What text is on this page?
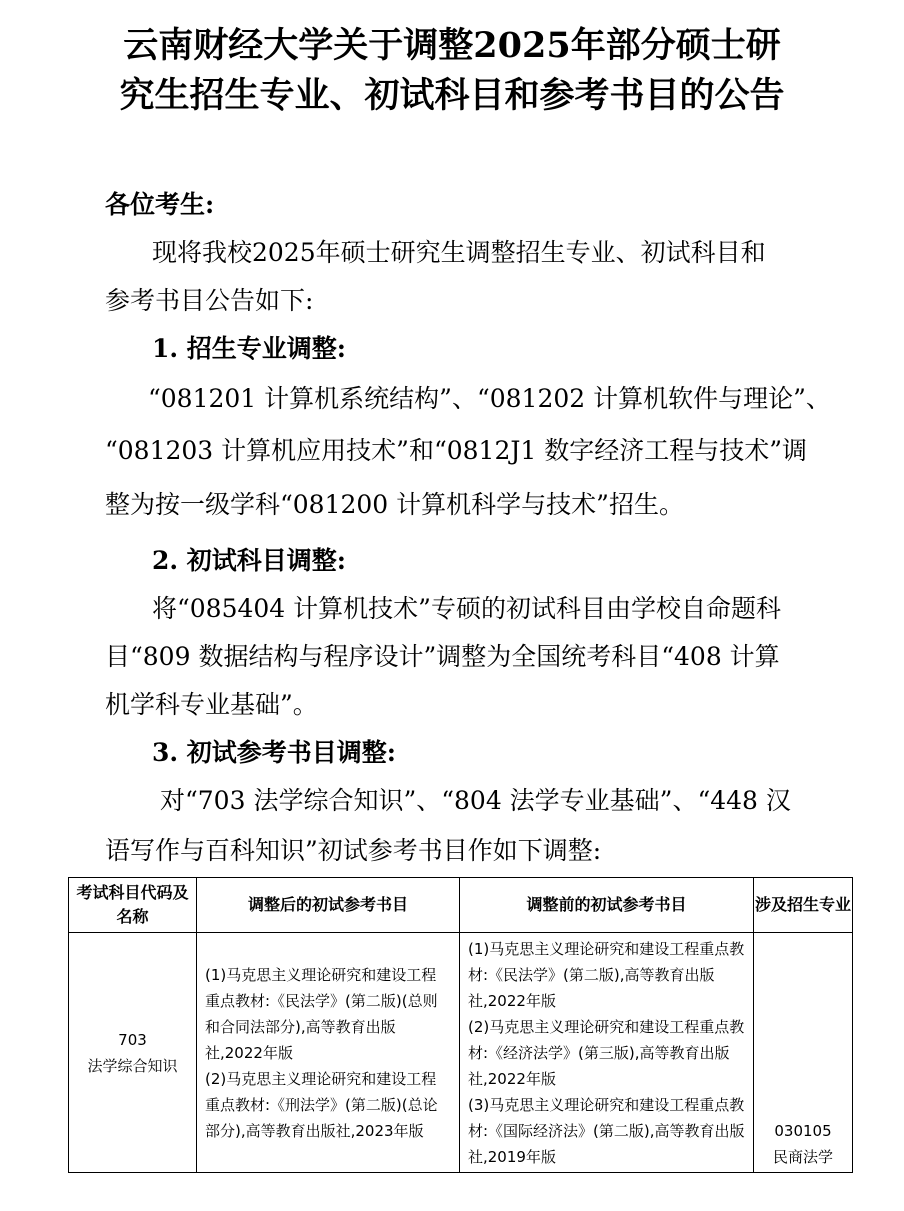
云南财经大学关于调整2025年部分硕士研
究生招生专业、初试科目和参考书目的公告
各位考生:
现将我校2025年硕士研究生调整招生专业、初试科目和
参考书目公告如下:
1. 招生专业调整:
“081201 计算机系统结构”、“081202 计算机软件与理论”、
“081203 计算机应用技术”和“0812J1 数字经济工程与技术”调
整为按一级学科“081200 计算机科学与技术”招生。
2. 初试科目调整:
将“085404 计算机技术”专硕的初试科目由学校自命题科
目“809 数据结构与程序设计”调整为全国统考科目“408 计算
机学科专业基础”。
3. 初试参考书目调整:
对“703 法学综合知识”、“804 法学专业基础”、“448 汉
语写作与百科知识”初试参考书目作如下调整:
考试科目代码及名称	调整后的初试参考书目	调整前的初试参考书目	涉及招生专业

703
法学综合知识	(1)马克思主义理论研究和建设工程重点教材:《民法学》(第二版)(总则和合同法部分),高等教育出版社,2022年版
(2)马克思主义理论研究和建设工程重点教材:《刑法学》(第二版)(总论部分),高等教育出版社,2023年版	(1)马克思主义理论研究和建设工程重点教材:《民法学》(第二版),高等教育出版社,2022年版
(2)马克思主义理论研究和建设工程重点教材:《经济法学》(第三版),高等教育出版社,2022年版
(3)马克思主义理论研究和建设工程重点教材:《国际经济法》(第二版),高等教育出版社,2019年版	030105
民商法学
